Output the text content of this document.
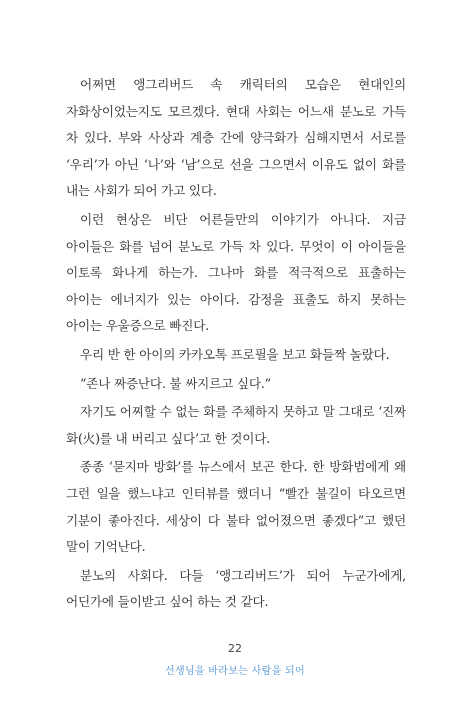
어쩌면 앵그리버드 속 캐릭터의 모습은 현대인의 자화상이었는지도 모르겠다. 현대 사회는 어느새 분노로 가득 차 있다. 부와 사상과 계층 간에 양극화가 심해지면서 서로를 ‘우리’가 아닌 ‘나’와 ‘남’으로 선을 그으면서 이유도 없이 화를 내는 사회가 되어 가고 있다.

이런 현상은 비단 어른들만의 이야기가 아니다. 지금 아이들은 화를 넘어 분노로 가득 차 있다. 무엇이 이 아이들을 이토록 화나게 하는가. 그나마 화를 적극적으로 표출하는 아이는 에너지가 있는 아이다. 감정을 표출도 하지 못하는 아이는 우울증으로 빠진다.

우리 반 한 아이의 카카오톡 프로필을 보고 화들짝 놀랐다.

“존나 짜증난다. 불 싸지르고 싶다.”

자기도 어찌할 수 없는 화를 주체하지 못하고 말 그대로 ‘진짜 화(火)를 내 버리고 싶다’고 한 것이다.

종종 ‘묻지마 방화’를 뉴스에서 보곤 한다. 한 방화범에게 왜 그런 일을 했느냐고 인터뷰를 했더니 “빨간 불길이 타오르면 기분이 좋아진다. 세상이 다 불타 없어졌으면 좋겠다”고 했던 말이 기억난다.

분노의 사회다. 다들 ‘앵그리버드’가 되어 누군가에게, 어딘가에 들이받고 싶어 하는 것 같다.

22
선생님을 바라보는 사람을 되어
